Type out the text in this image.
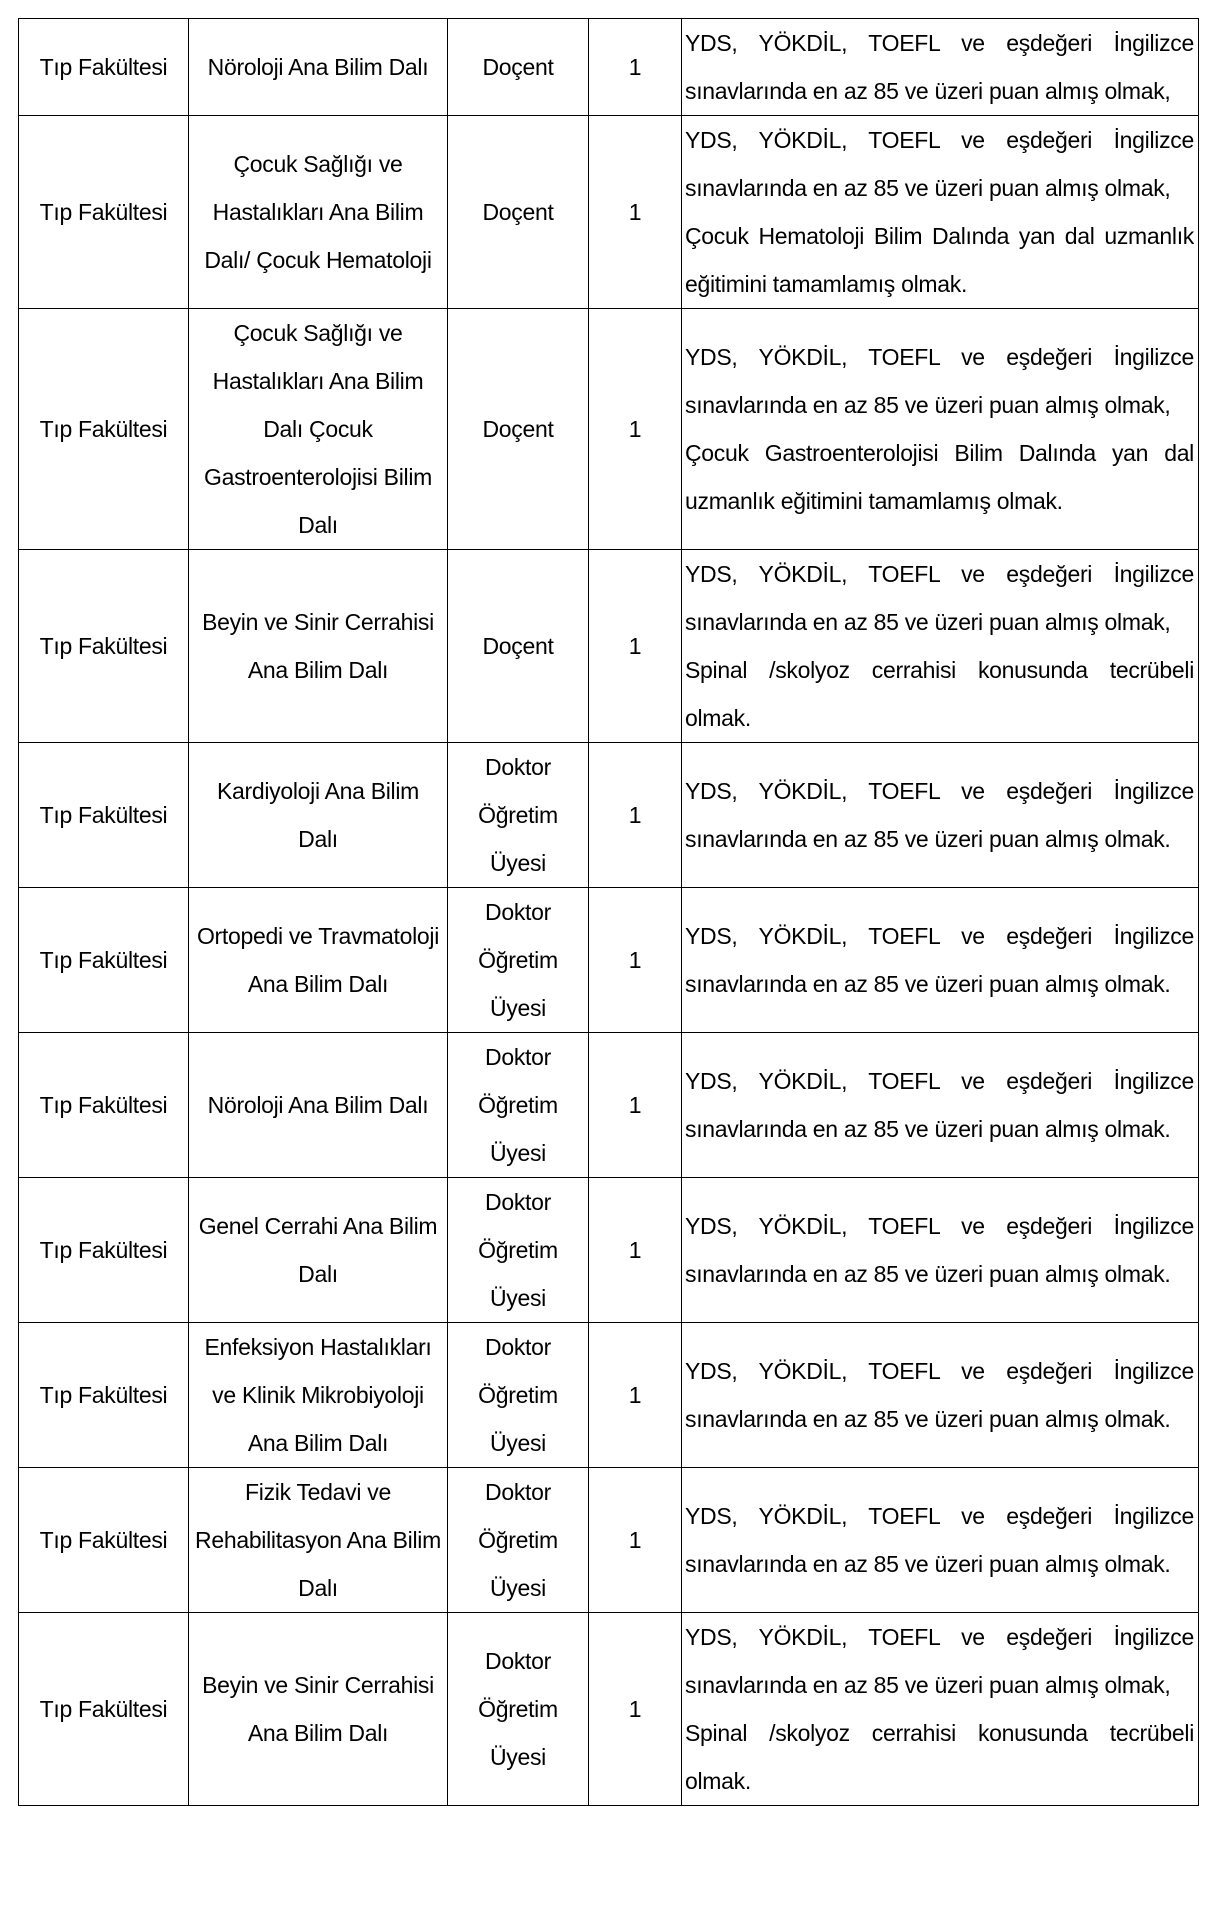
Tıp Fakültesi	Nöroloji Ana Bilim Dalı	Doçent	1	YDS, YÖKDİL, TOEFL ve eşdeğeri İngilizce
sınavlarında en az 85 ve üzeri puan almış olmak,

Tıp Fakültesi	Çocuk Sağlığı ve
Hastalıkları Ana Bilim
Dalı/ Çocuk Hematoloji	Doçent	1	YDS, YÖKDİL, TOEFL ve eşdeğeri İngilizce
sınavlarında en az 85 ve üzeri puan almış olmak,
Çocuk Hematoloji Bilim Dalında yan dal uzmanlık
eğitimini tamamlamış olmak.

Tıp Fakültesi	Çocuk Sağlığı ve
Hastalıkları Ana Bilim
Dalı Çocuk
Gastroenterolojisi Bilim
Dalı	Doçent	1	YDS, YÖKDİL, TOEFL ve eşdeğeri İngilizce
sınavlarında en az 85 ve üzeri puan almış olmak,
Çocuk Gastroenterolojisi Bilim Dalında yan dal
uzmanlık eğitimini tamamlamış olmak.

Tıp Fakültesi	Beyin ve Sinir Cerrahisi
Ana Bilim Dalı	Doçent	1	YDS, YÖKDİL, TOEFL ve eşdeğeri İngilizce
sınavlarında en az 85 ve üzeri puan almış olmak,
Spinal /skolyoz cerrahisi konusunda tecrübeli
olmak.

Tıp Fakültesi	Kardiyoloji Ana Bilim Dalı	Doktor
Öğretim
Üyesi	1	YDS, YÖKDİL, TOEFL ve eşdeğeri İngilizce
sınavlarında en az 85 ve üzeri puan almış olmak.

Tıp Fakültesi	Ortopedi ve Travmatoloji
Ana Bilim Dalı	Doktor
Öğretim
Üyesi	1	YDS, YÖKDİL, TOEFL ve eşdeğeri İngilizce
sınavlarında en az 85 ve üzeri puan almış olmak.

Tıp Fakültesi	Nöroloji Ana Bilim Dalı	Doktor
Öğretim
Üyesi	1	YDS, YÖKDİL, TOEFL ve eşdeğeri İngilizce
sınavlarında en az 85 ve üzeri puan almış olmak.

Tıp Fakültesi	Genel Cerrahi Ana Bilim
Dalı	Doktor
Öğretim
Üyesi	1	YDS, YÖKDİL, TOEFL ve eşdeğeri İngilizce
sınavlarında en az 85 ve üzeri puan almış olmak.

Tıp Fakültesi	Enfeksiyon Hastalıkları
ve Klinik Mikrobiyoloji
Ana Bilim Dalı	Doktor
Öğretim
Üyesi	1	YDS, YÖKDİL, TOEFL ve eşdeğeri İngilizce
sınavlarında en az 85 ve üzeri puan almış olmak.

Tıp Fakültesi	Fizik Tedavi ve
Rehabilitasyon Ana Bilim
Dalı	Doktor
Öğretim
Üyesi	1	YDS, YÖKDİL, TOEFL ve eşdeğeri İngilizce
sınavlarında en az 85 ve üzeri puan almış olmak.

Tıp Fakültesi	Beyin ve Sinir Cerrahisi
Ana Bilim Dalı	Doktor
Öğretim
Üyesi	1	YDS, YÖKDİL, TOEFL ve eşdeğeri İngilizce
sınavlarında en az 85 ve üzeri puan almış olmak,
Spinal /skolyoz cerrahisi konusunda tecrübeli
olmak.
